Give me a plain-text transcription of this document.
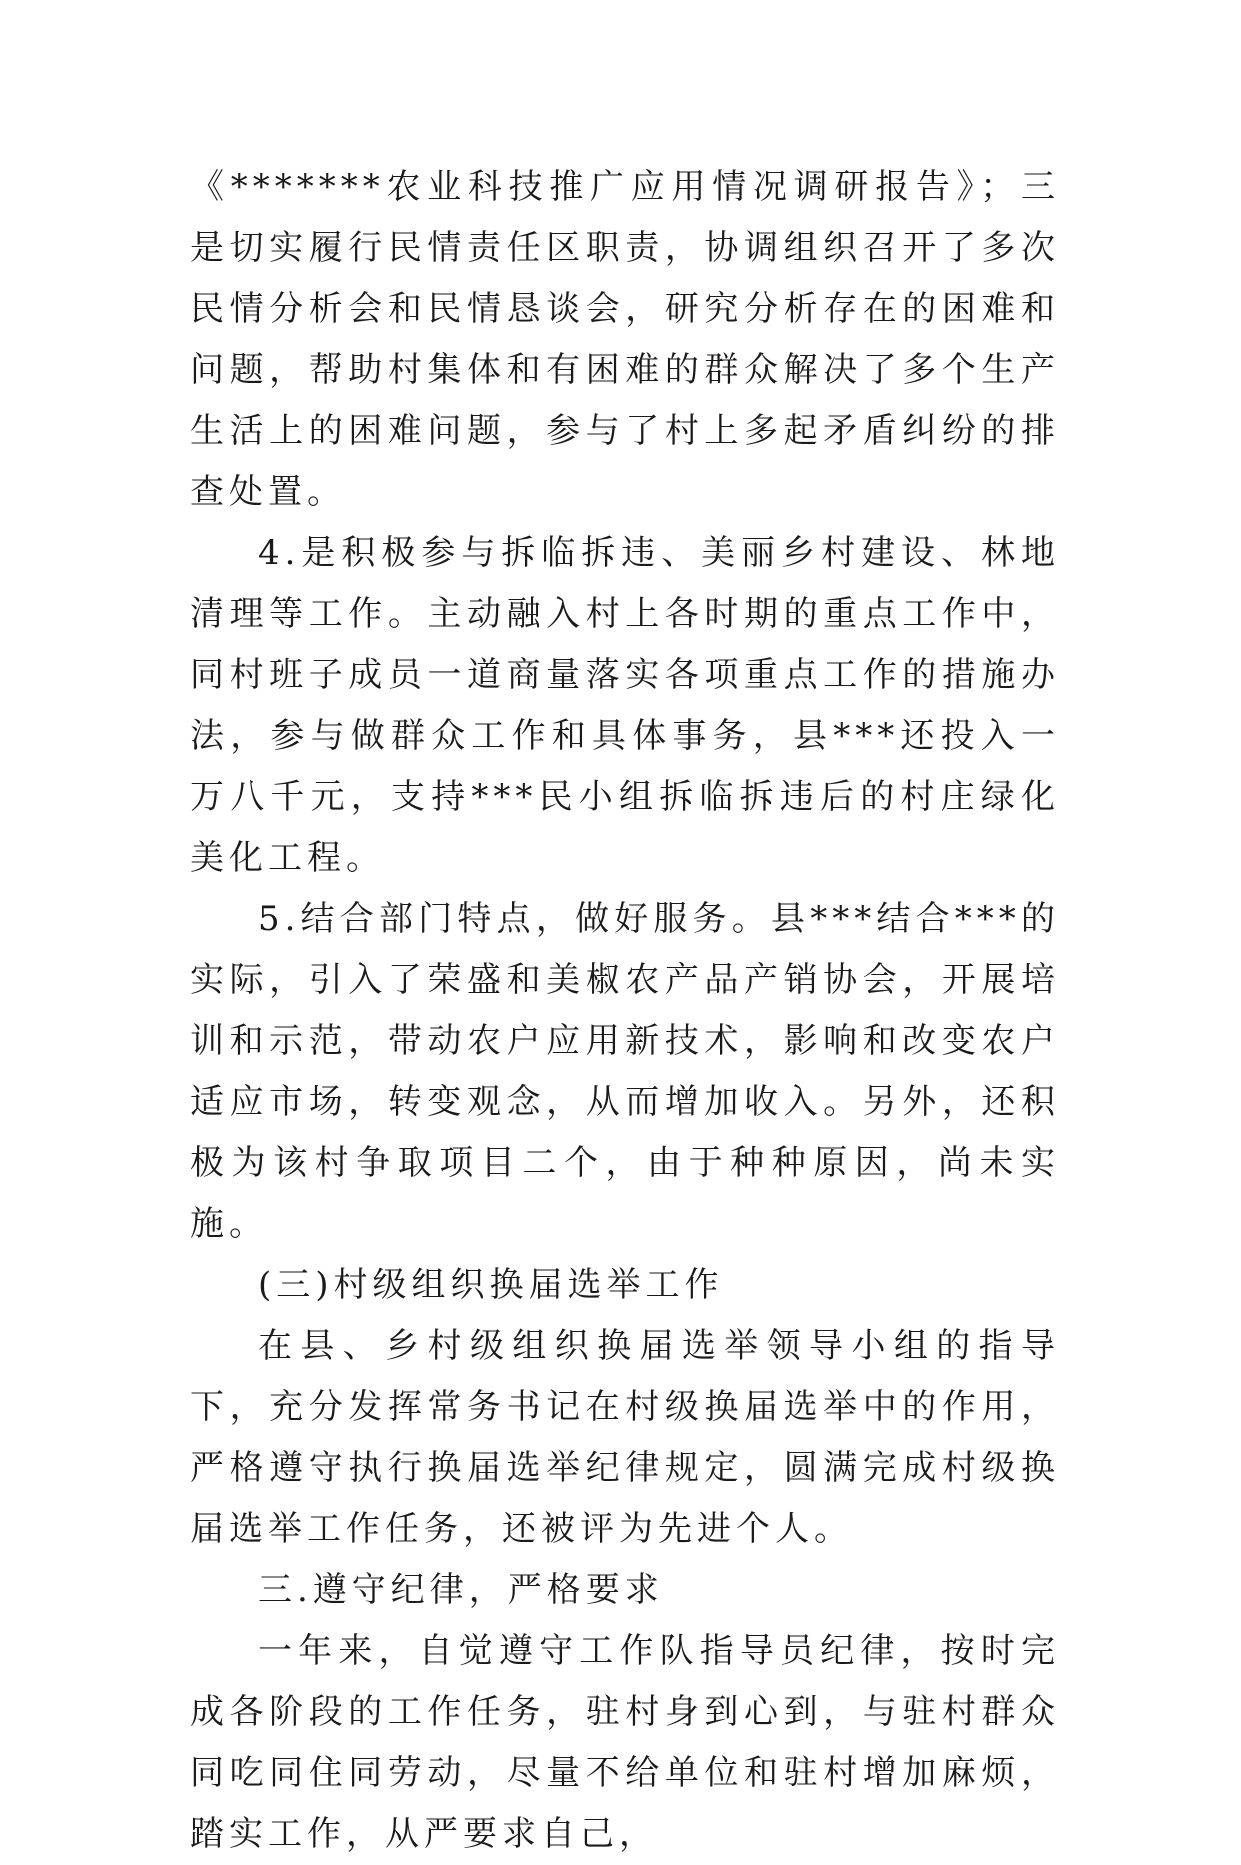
《*******农业科技推广应用情况调研报告》；三是切实履行民情责任区职责，协调组织召开了多次民情分析会和民情恳谈会，研究分析存在的困难和问题，帮助村集体和有困难的群众解决了多个生产生活上的困难问题，参与了村上多起矛盾纠纷的排查处置。

4.是积极参与拆临拆违、美丽乡村建设、林地清理等工作。主动融入村上各时期的重点工作中，同村班子成员一道商量落实各项重点工作的措施办法，参与做群众工作和具体事务，县***还投入一万八千元，支持***民小组拆临拆违后的村庄绿化美化工程。

5.结合部门特点，做好服务。县***结合***的实际，引入了荣盛和美椒农产品产销协会，开展培训和示范，带动农户应用新技术，影响和改变农户适应市场，转变观念，从而增加收入。另外，还积极为该村争取项目二个，由于种种原因，尚未实施。

(三)村级组织换届选举工作

在县、乡村级组织换届选举领导小组的指导下，充分发挥常务书记在村级换届选举中的作用，严格遵守执行换届选举纪律规定，圆满完成村级换届选举工作任务，还被评为先进个人。

三.遵守纪律，严格要求

一年来，自觉遵守工作队指导员纪律，按时完成各阶段的工作任务，驻村身到心到，与驻村群众同吃同住同劳动，尽量不给单位和驻村增加麻烦，踏实工作，从严要求自己，
